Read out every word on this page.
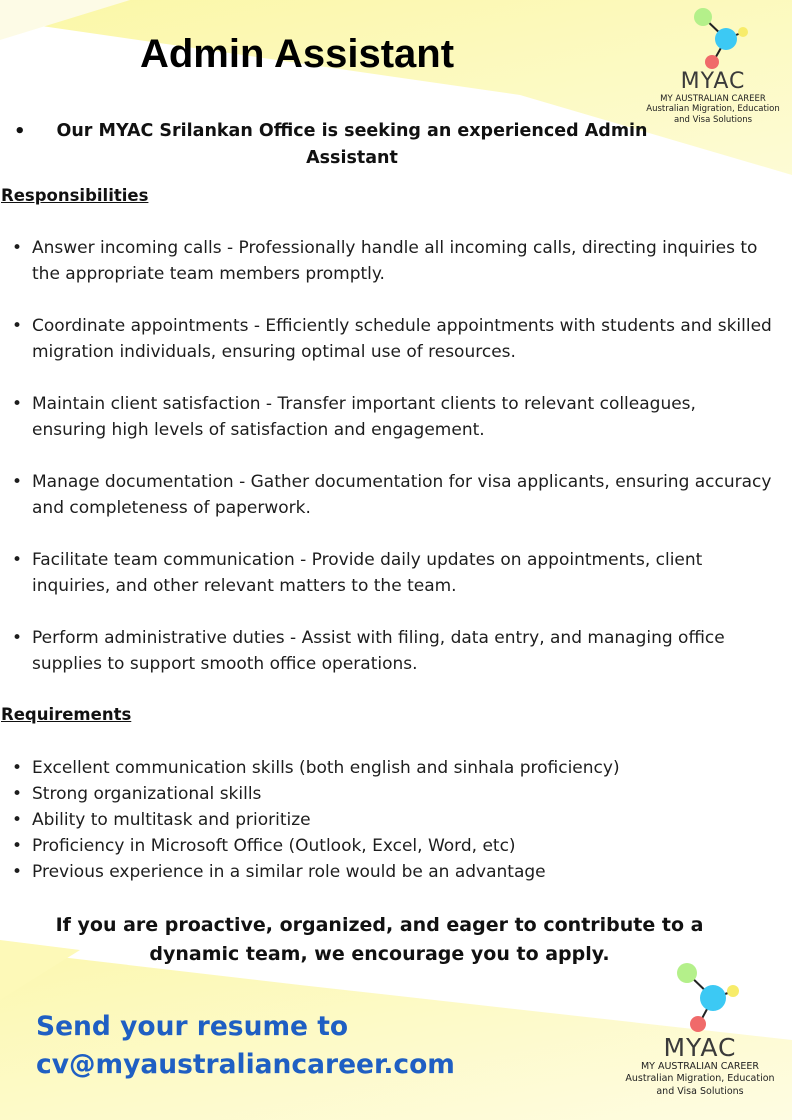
Admin Assistant
•	Our MYAC Srilankan Office is seeking an experienced Admin Assistant
Responsibilities
• Answer incoming calls - Professionally handle all incoming calls, directing inquiries to the appropriate team members promptly.
• Coordinate appointments - Efficiently schedule appointments with students and skilled migration individuals, ensuring optimal use of resources.
• Maintain client satisfaction - Transfer important clients to relevant colleagues, ensuring high levels of satisfaction and engagement.
• Manage documentation - Gather documentation for visa applicants, ensuring accuracy and completeness of paperwork.
• Facilitate team communication - Provide daily updates on appointments, client inquiries, and other relevant matters to the team.
• Perform administrative duties - Assist with filing, data entry, and managing office supplies to support smooth office operations.
Requirements
• Excellent communication skills (both english and sinhala proficiency)
• Strong organizational skills
• Ability to multitask and prioritize
• Proficiency in Microsoft Office (Outlook, Excel, Word, etc)
• Previous experience in a similar role would be an advantage
If you are proactive, organized, and eager to contribute to a dynamic team, we encourage you to apply.
Send your resume to
cv@myaustraliancareer.com
MYAC
MY AUSTRALIAN CAREER
Australian Migration, Education
and Visa Solutions
MYAC
MY AUSTRALIAN CAREER
Australian Migration, Education
and Visa Solutions
